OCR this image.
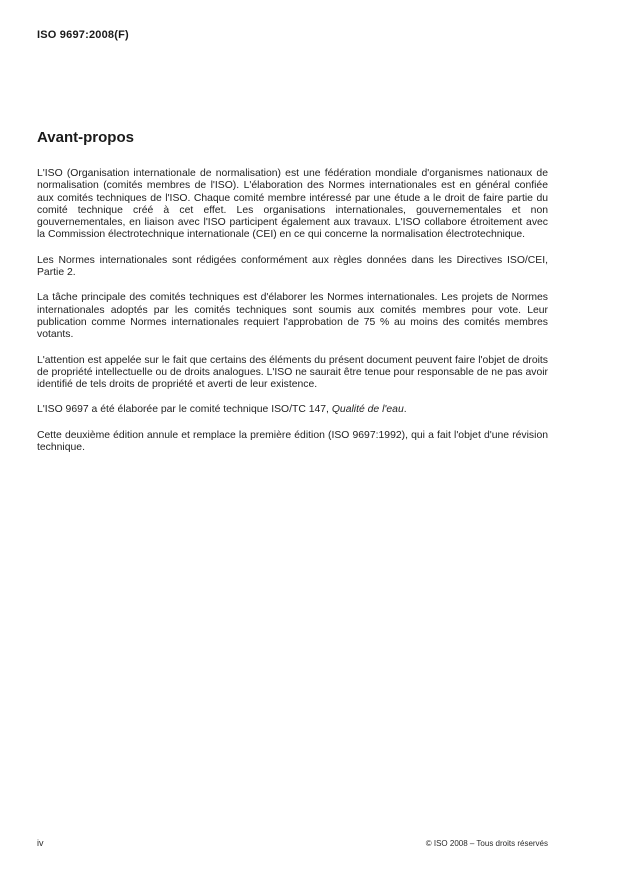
ISO 9697:2008(F)
Avant-propos

L'ISO (Organisation internationale de normalisation) est une fédération mondiale d'organismes nationaux de normalisation (comités membres de l'ISO). L'élaboration des Normes internationales est en général confiée aux comités techniques de l'ISO. Chaque comité membre intéressé par une étude a le droit de faire partie du comité technique créé à cet effet. Les organisations internationales, gouvernementales et non gouvernementales, en liaison avec l'ISO participent également aux travaux. L'ISO collabore étroitement avec la Commission électrotechnique internationale (CEI) en ce qui concerne la normalisation électrotechnique.

Les Normes internationales sont rédigées conformément aux règles données dans les Directives ISO/CEI, Partie 2.

La tâche principale des comités techniques est d'élaborer les Normes internationales. Les projets de Normes internationales adoptés par les comités techniques sont soumis aux comités membres pour vote. Leur publication comme Normes internationales requiert l'approbation de 75 % au moins des comités membres votants.

L'attention est appelée sur le fait que certains des éléments du présent document peuvent faire l'objet de droits de propriété intellectuelle ou de droits analogues. L'ISO ne saurait être tenue pour responsable de ne pas avoir identifié de tels droits de propriété et averti de leur existence.

L'ISO 9697 a été élaborée par le comité technique ISO/TC 147, Qualité de l'eau.

Cette deuxième édition annule et remplace la première édition (ISO 9697:1992), qui a fait l'objet d'une révision technique.

iv	© ISO 2008 – Tous droits réservés
